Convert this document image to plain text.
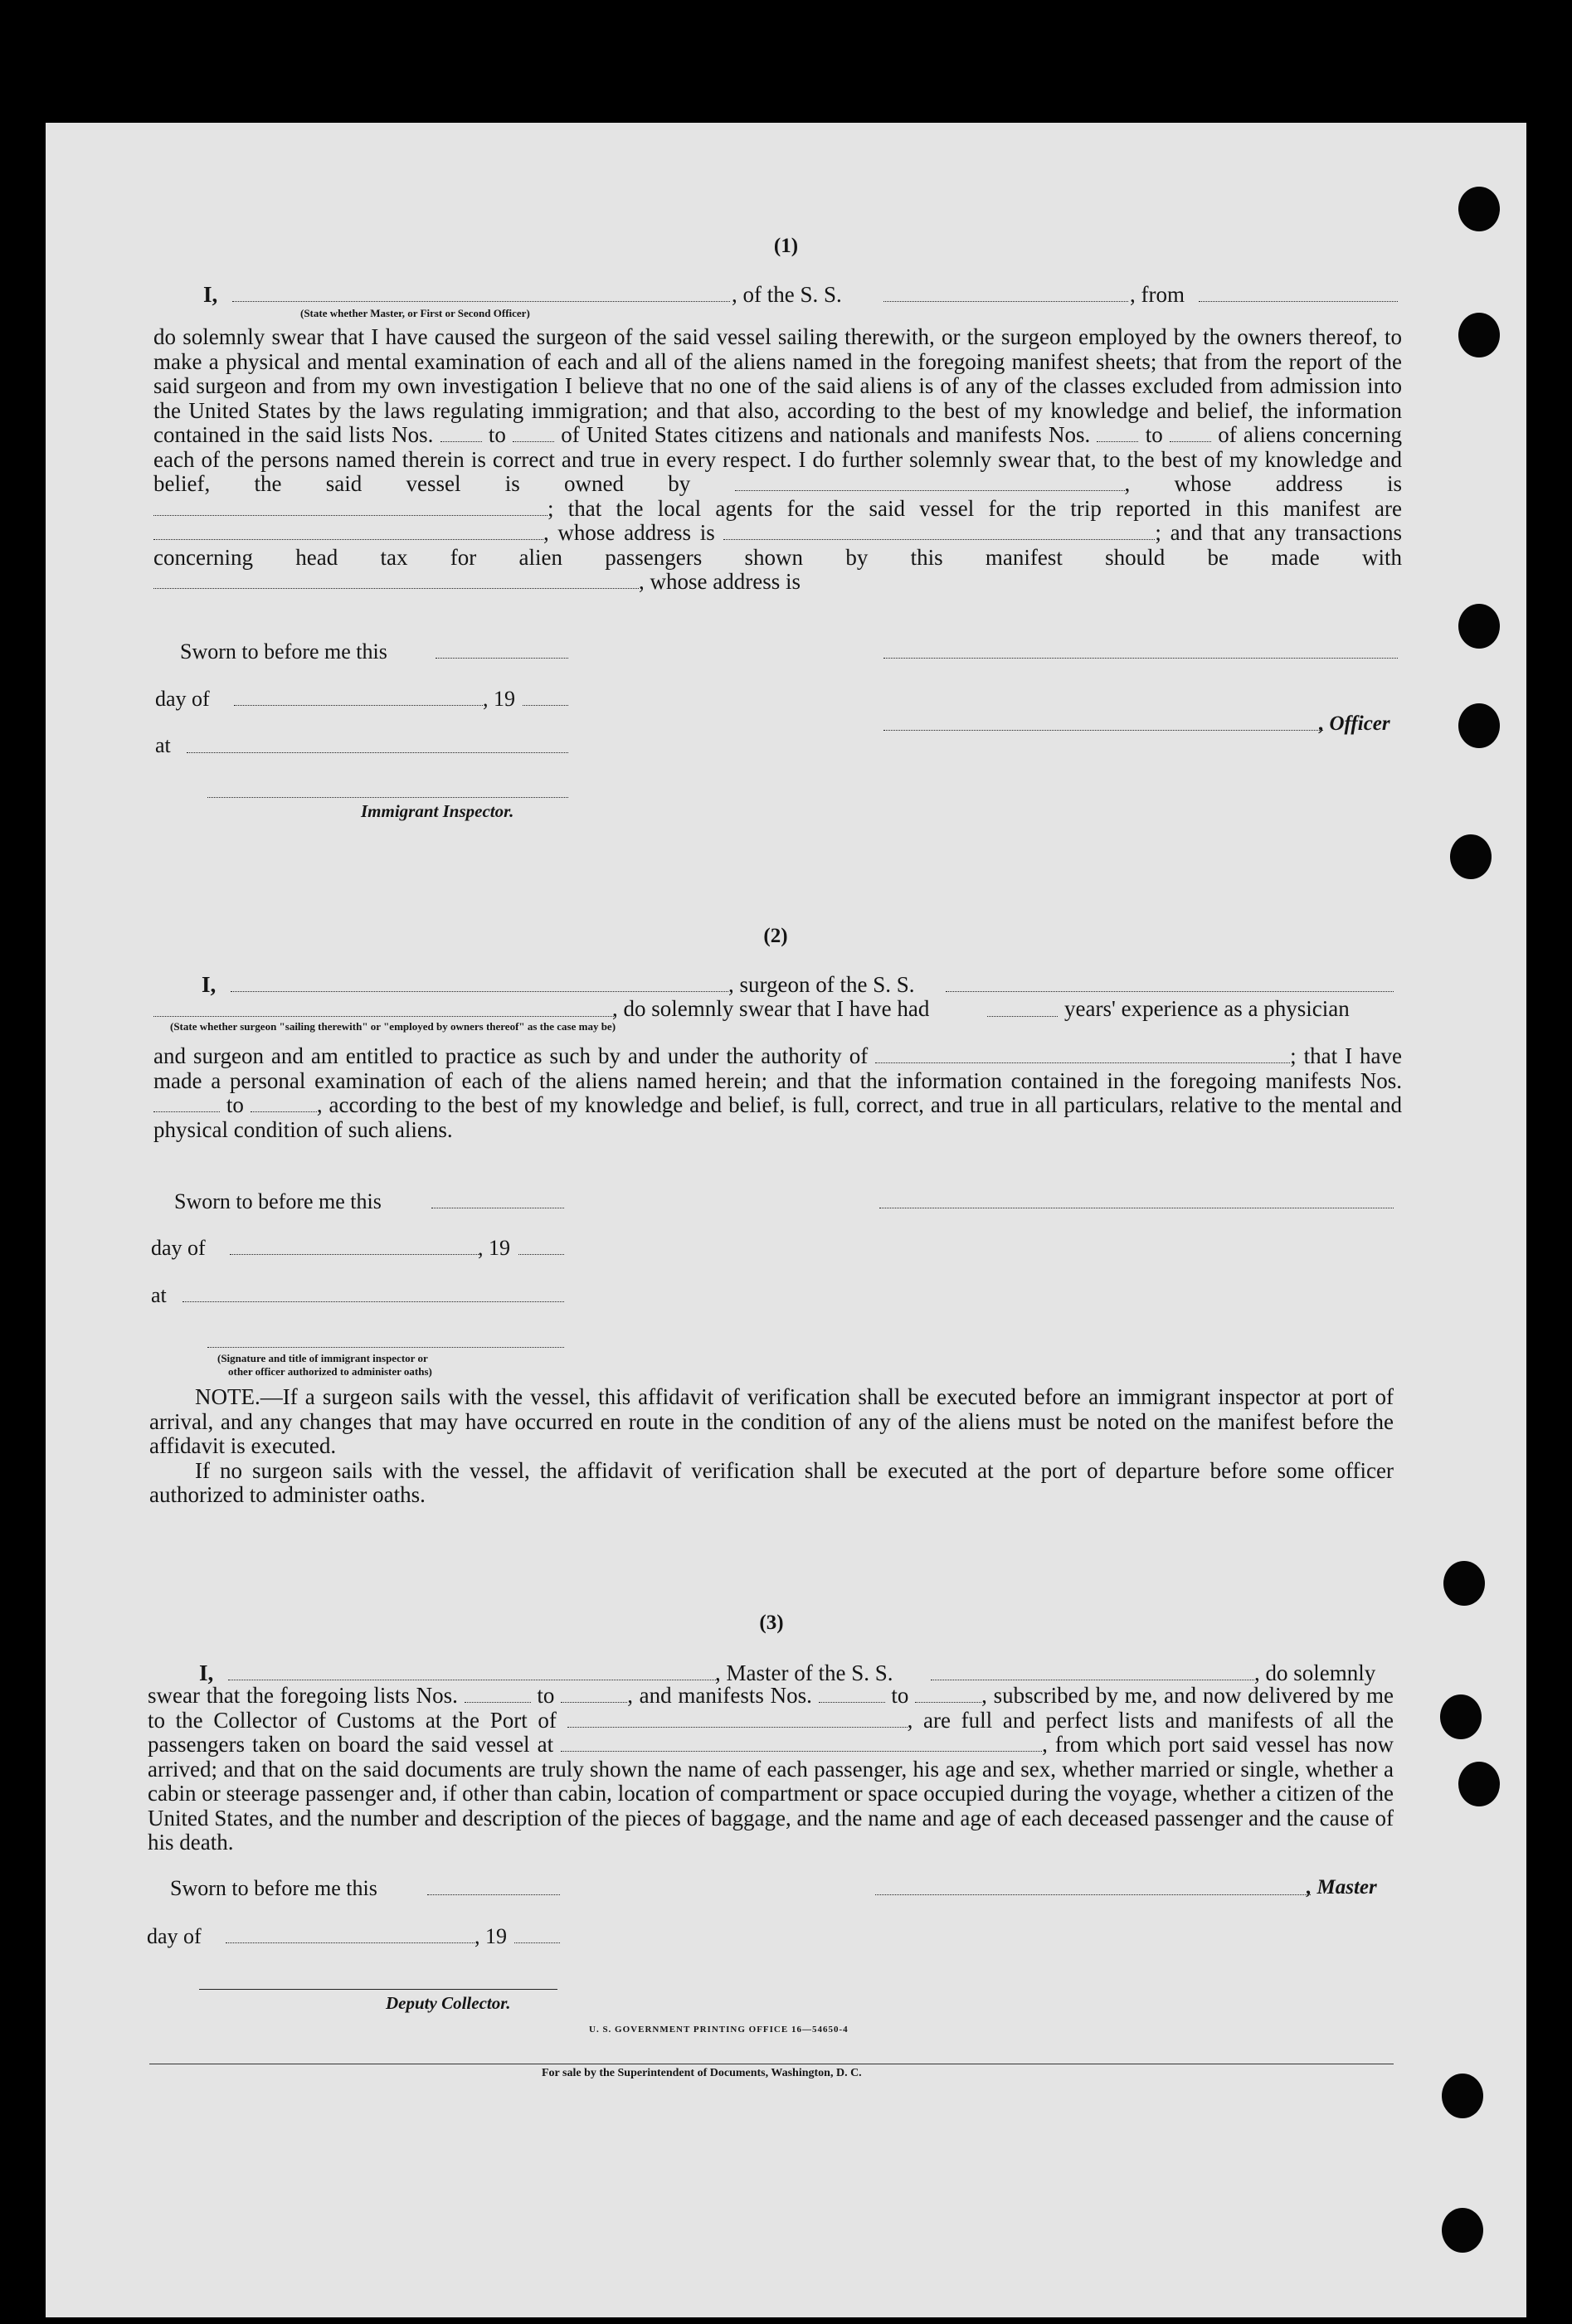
(1)
I,	, of the S. S.	, from
(State whether Master, or First or Second Officer)
do solemnly swear that I have caused the surgeon of the said vessel sailing therewith, or the surgeon employed by the owners thereof, to make a physical and mental examination of each and all of the aliens named in the foregoing manifest sheets; that from the report of the said surgeon and from my own investigation I believe that no one of the said aliens is of any of the classes excluded from admission into the United States by the laws regulating immigration; and that also, according to the best of my knowledge and belief, the information contained in the said lists Nos. to of United States citizens and nationals and manifests Nos. to of aliens concerning each of the persons named therein is correct and true in every respect. I do further solemnly swear that, to the best of my knowledge and belief, the said vessel is owned by	, whose address is ; that the local agents for the said vessel for the trip reported in this manifest are , whose address is	; and that any transactions concerning head tax for alien passengers shown by this manifest should be made with , whose address is
Sworn to before me this
day of	, 19
, Officer
at
Immigrant Inspector.
(2)
I,	, surgeon of the S. S.
, do solemnly swear that I have had	years' experience as a physician
(State whether surgeon "sailing therewith" or "employed by owners thereof" as the case may be)
and surgeon and am entitled to practice as such by and under the authority of	; that I have made a personal examination of each of the aliens named herein; and that the information contained in the foregoing manifests Nos.  to	, according to the best of my knowledge and belief, is full, correct, and true in all particulars, relative to the mental and physical condition of such aliens.
Sworn to before me this
day of	, 19
at
(Signature and title of immigrant inspector or
other officer authorized to administer oaths)
NOTE.—If a surgeon sails with the vessel, this affidavit of verification shall be executed before an immigrant inspector at port of arrival, and any changes that may have occurred en route in the condition of any of the aliens must be noted on the manifest before the affidavit is executed.
If no surgeon sails with the vessel, the affidavit of verification shall be executed at the port of departure before some officer authorized to administer oaths.
(3)
I,	, Master of the S. S.	, do solemnly
swear that the foregoing lists Nos.	to	, and manifests Nos.	to	, subscribed by me, and now delivered by me to the Collector of Customs at the Port of	, are full and perfect lists and manifests of all the passengers taken on board the said vessel at	, from which port said vessel has now arrived; and that on the said documents are truly shown the name of each passenger, his age and sex, whether married or single, whether a cabin or steerage passenger and, if other than cabin, location of compartment or space occupied during the voyage, whether a citizen of the United States, and the number and description of the pieces of baggage, and the name and age of each deceased passenger and the cause of his death.
Sworn to before me this	, Master
day of	, 19
Deputy Collector.
U. S. GOVERNMENT PRINTING OFFICE 16—54650-4
For sale by the Superintendent of Documents, Washington, D. C.
